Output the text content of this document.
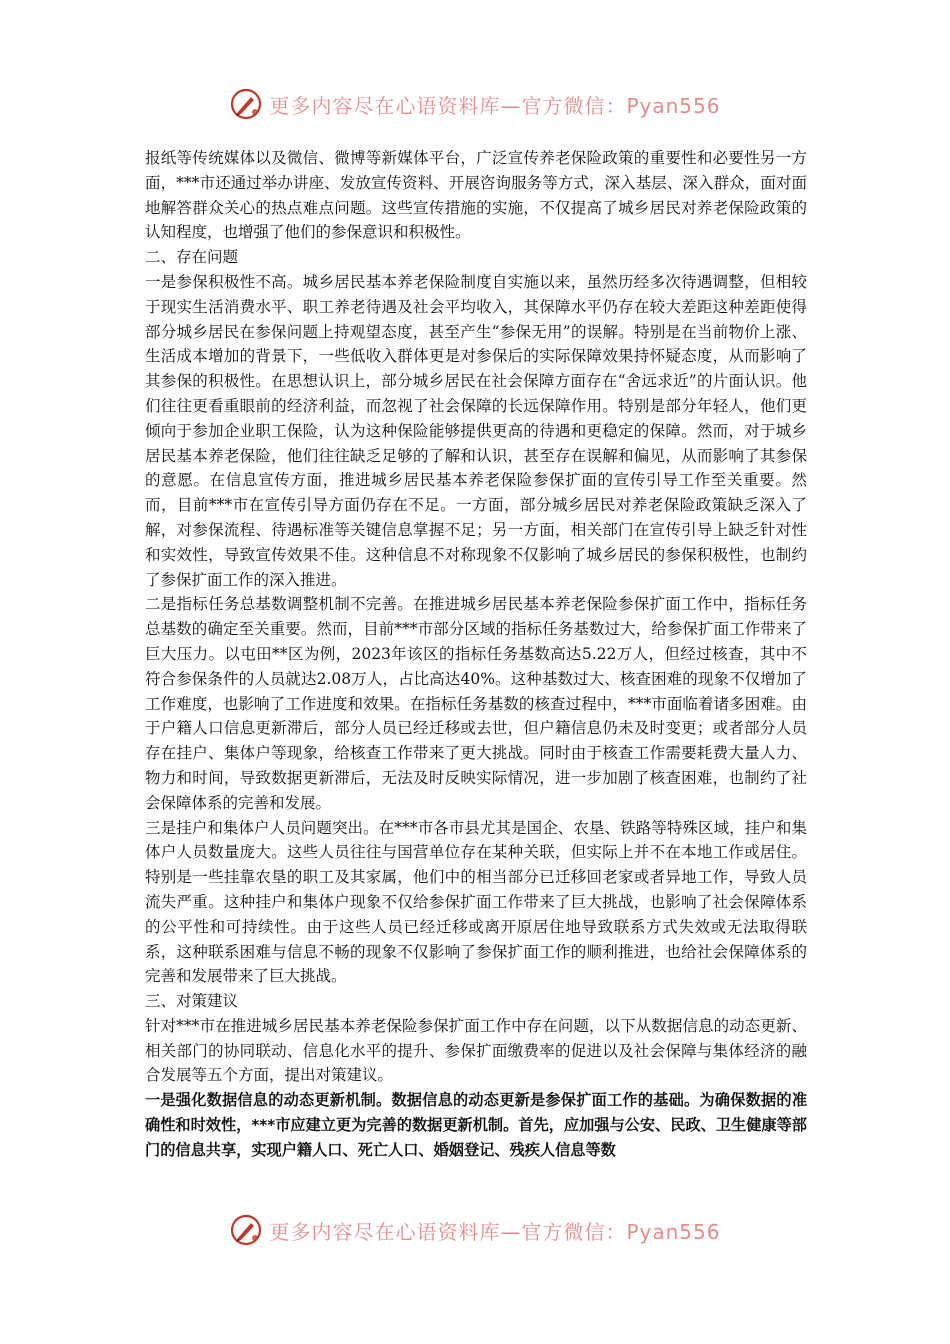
更多内容尽在心语资料库—官方微信：Pyan556

报纸等传统媒体以及微信、微博等新媒体平台，广泛宣传养老保险政策的重要性和必要性另一方面，***市还通过举办讲座、发放宣传资料、开展咨询服务等方式，深入基层、深入群众，面对面地解答群众关心的热点难点问题。这些宣传措施的实施，不仅提高了城乡居民对养老保险政策的认知程度，也增强了他们的参保意识和积极性。

二、存在问题

一是参保积极性不高。城乡居民基本养老保险制度自实施以来，虽然历经多次待遇调整，但相较于现实生活消费水平、职工养老待遇及社会平均收入，其保障水平仍存在较大差距这种差距使得部分城乡居民在参保问题上持观望态度，甚至产生“参保无用”的误解。特别是在当前物价上涨、生活成本增加的背景下，一些低收入群体更是对参保后的实际保障效果持怀疑态度，从而影响了其参保的积极性。在思想认识上，部分城乡居民在社会保障方面存在“舍远求近”的片面认识。他们往往更看重眼前的经济利益，而忽视了社会保障的长远保障作用。特别是部分年轻人，他们更倾向于参加企业职工保险，认为这种保险能够提供更高的待遇和更稳定的保障。然而，对于城乡居民基本养老保险，他们往往缺乏足够的了解和认识，甚至存在误解和偏见，从而影响了其参保的意愿。在信息宣传方面，推进城乡居民基本养老保险参保扩面的宣传引导工作至关重要。然而，目前***市在宣传引导方面仍存在不足。一方面，部分城乡居民对养老保险政策缺乏深入了解，对参保流程、待遇标准等关键信息掌握不足；另一方面，相关部门在宣传引导上缺乏针对性和实效性，导致宣传效果不佳。这种信息不对称现象不仅影响了城乡居民的参保积极性，也制约了参保扩面工作的深入推进。

二是指标任务总基数调整机制不完善。在推进城乡居民基本养老保险参保扩面工作中，指标任务总基数的确定至关重要。然而，目前***市部分区域的指标任务基数过大，给参保扩面工作带来了巨大压力。以屯田**区为例，2023年该区的指标任务基数高达5.22万人，但经过核查，其中不符合参保条件的人员就达2.08万人，占比高达40%。这种基数过大、核查困难的现象不仅增加了工作难度，也影响了工作进度和效果。在指标任务基数的核查过程中，***市面临着诸多困难。由于户籍人口信息更新滞后，部分人员已经迁移或去世，但户籍信息仍未及时变更；或者部分人员存在挂户、集体户等现象，给核查工作带来了更大挑战。同时由于核查工作需要耗费大量人力、物力和时间，导致数据更新滞后，无法及时反映实际情况，进一步加剧了核查困难，也制约了社会保障体系的完善和发展。

三是挂户和集体户人员问题突出。在***市各市县尤其是国企、农垦、铁路等特殊区域，挂户和集体户人员数量庞大。这些人员往往与国营单位存在某种关联，但实际上并不在本地工作或居住。特别是一些挂靠农垦的职工及其家属，他们中的相当部分已迁移回老家或者异地工作，导致人员流失严重。这种挂户和集体户现象不仅给参保扩面工作带来了巨大挑战，也影响了社会保障体系的公平性和可持续性。由于这些人员已经迁移或离开原居住地导致联系方式失效或无法取得联系，这种联系困难与信息不畅的现象不仅影响了参保扩面工作的顺利推进，也给社会保障体系的完善和发展带来了巨大挑战。

三、对策建议

针对***市在推进城乡居民基本养老保险参保扩面工作中存在问题，以下从数据信息的动态更新、相关部门的协同联动、信息化水平的提升、参保扩面缴费率的促进以及社会保障与集体经济的融合发展等五个方面，提出对策建议。

一是强化数据信息的动态更新机制。数据信息的动态更新是参保扩面工作的基础。为确保数据的准确性和时效性，***市应建立更为完善的数据更新机制。首先，应加强与公安、民政、卫生健康等部门的信息共享，实现户籍人口、死亡人口、婚姻登记、残疾人信息等数

更多内容尽在心语资料库—官方微信：Pyan556
